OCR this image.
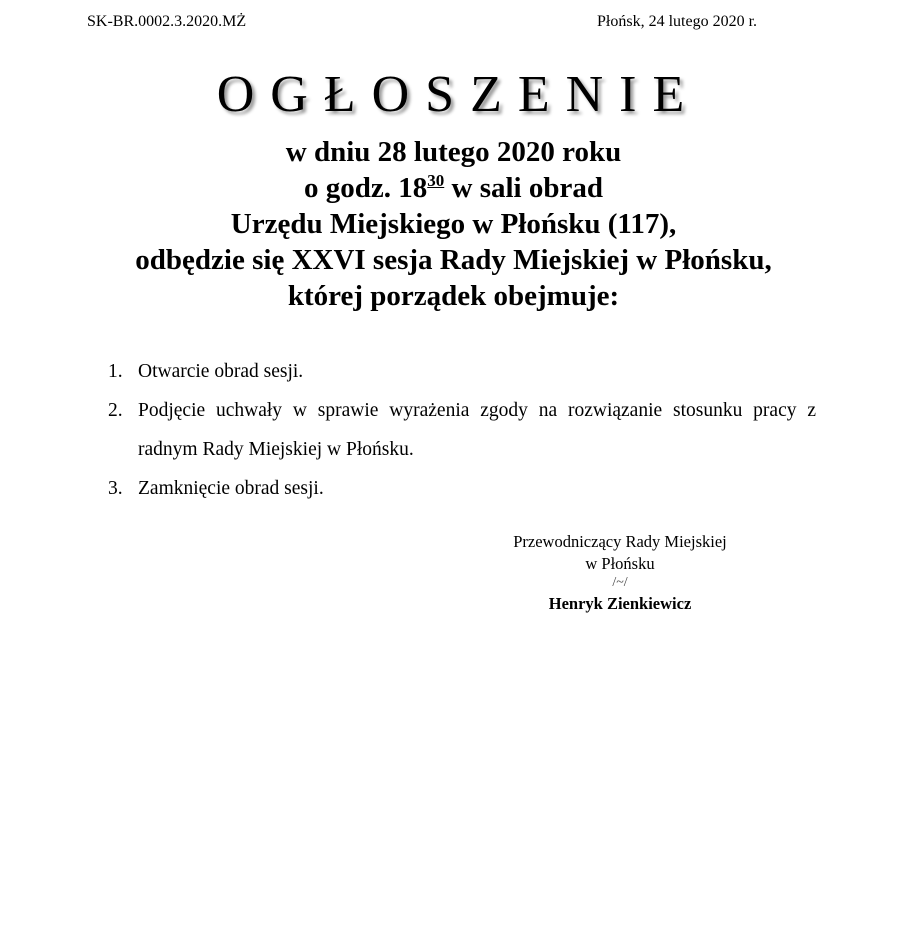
SK-BR.0002.3.2020.MŻ	Płońsk, 24 lutego 2020 r.
OGŁOSZENIE
w dniu 28 lutego 2020 roku
o godz. $18^{30}$ w sali obrad
Urzędu Miejskiego w Płońsku (117),
odbędzie się XXVI sesja Rady Miejskiej w Płońsku,
której porządek obejmuje:
1. Otwarcie obrad sesji.
2. Podjęcie uchwały w sprawie wyrażenia zgody na rozwiązanie stosunku pracy z radnym Rady Miejskiej w Płońsku.
3. Zamknięcie obrad sesji.
Przewodniczący Rady Miejskiej
w Płońsku
/~/
Henryk Zienkiewicz
